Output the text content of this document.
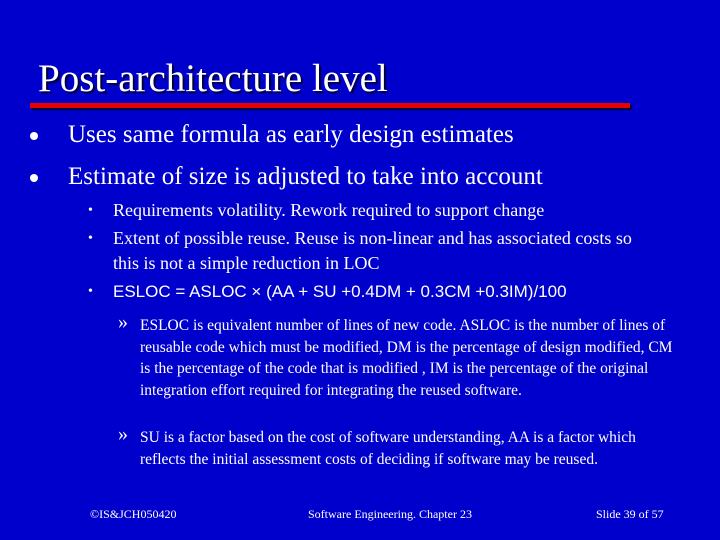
Post-architecture level
Uses same formula as early design estimates
Estimate of size is adjusted to take into account
• Requirements volatility. Rework required to support change
• Extent of possible reuse. Reuse is non-linear and has associated costs so this is not a simple reduction in LOC
• ESLOC = ASLOC × (AA + SU +0.4DM + 0.3CM +0.3IM)/100
» ESLOC is equivalent number of lines of new code. ASLOC is the number of lines of reusable code which must be modified, DM is the percentage of design modified, CM is the percentage of the code that is modified , IM is the percentage of the original integration effort required for integrating the reused software.
» SU is a factor based on the cost of software understanding, AA is a factor which reflects the initial assessment costs of deciding if software may be reused.
©IS&JCH050420	Software Engineering. Chapter 23	Slide 39 of 57
